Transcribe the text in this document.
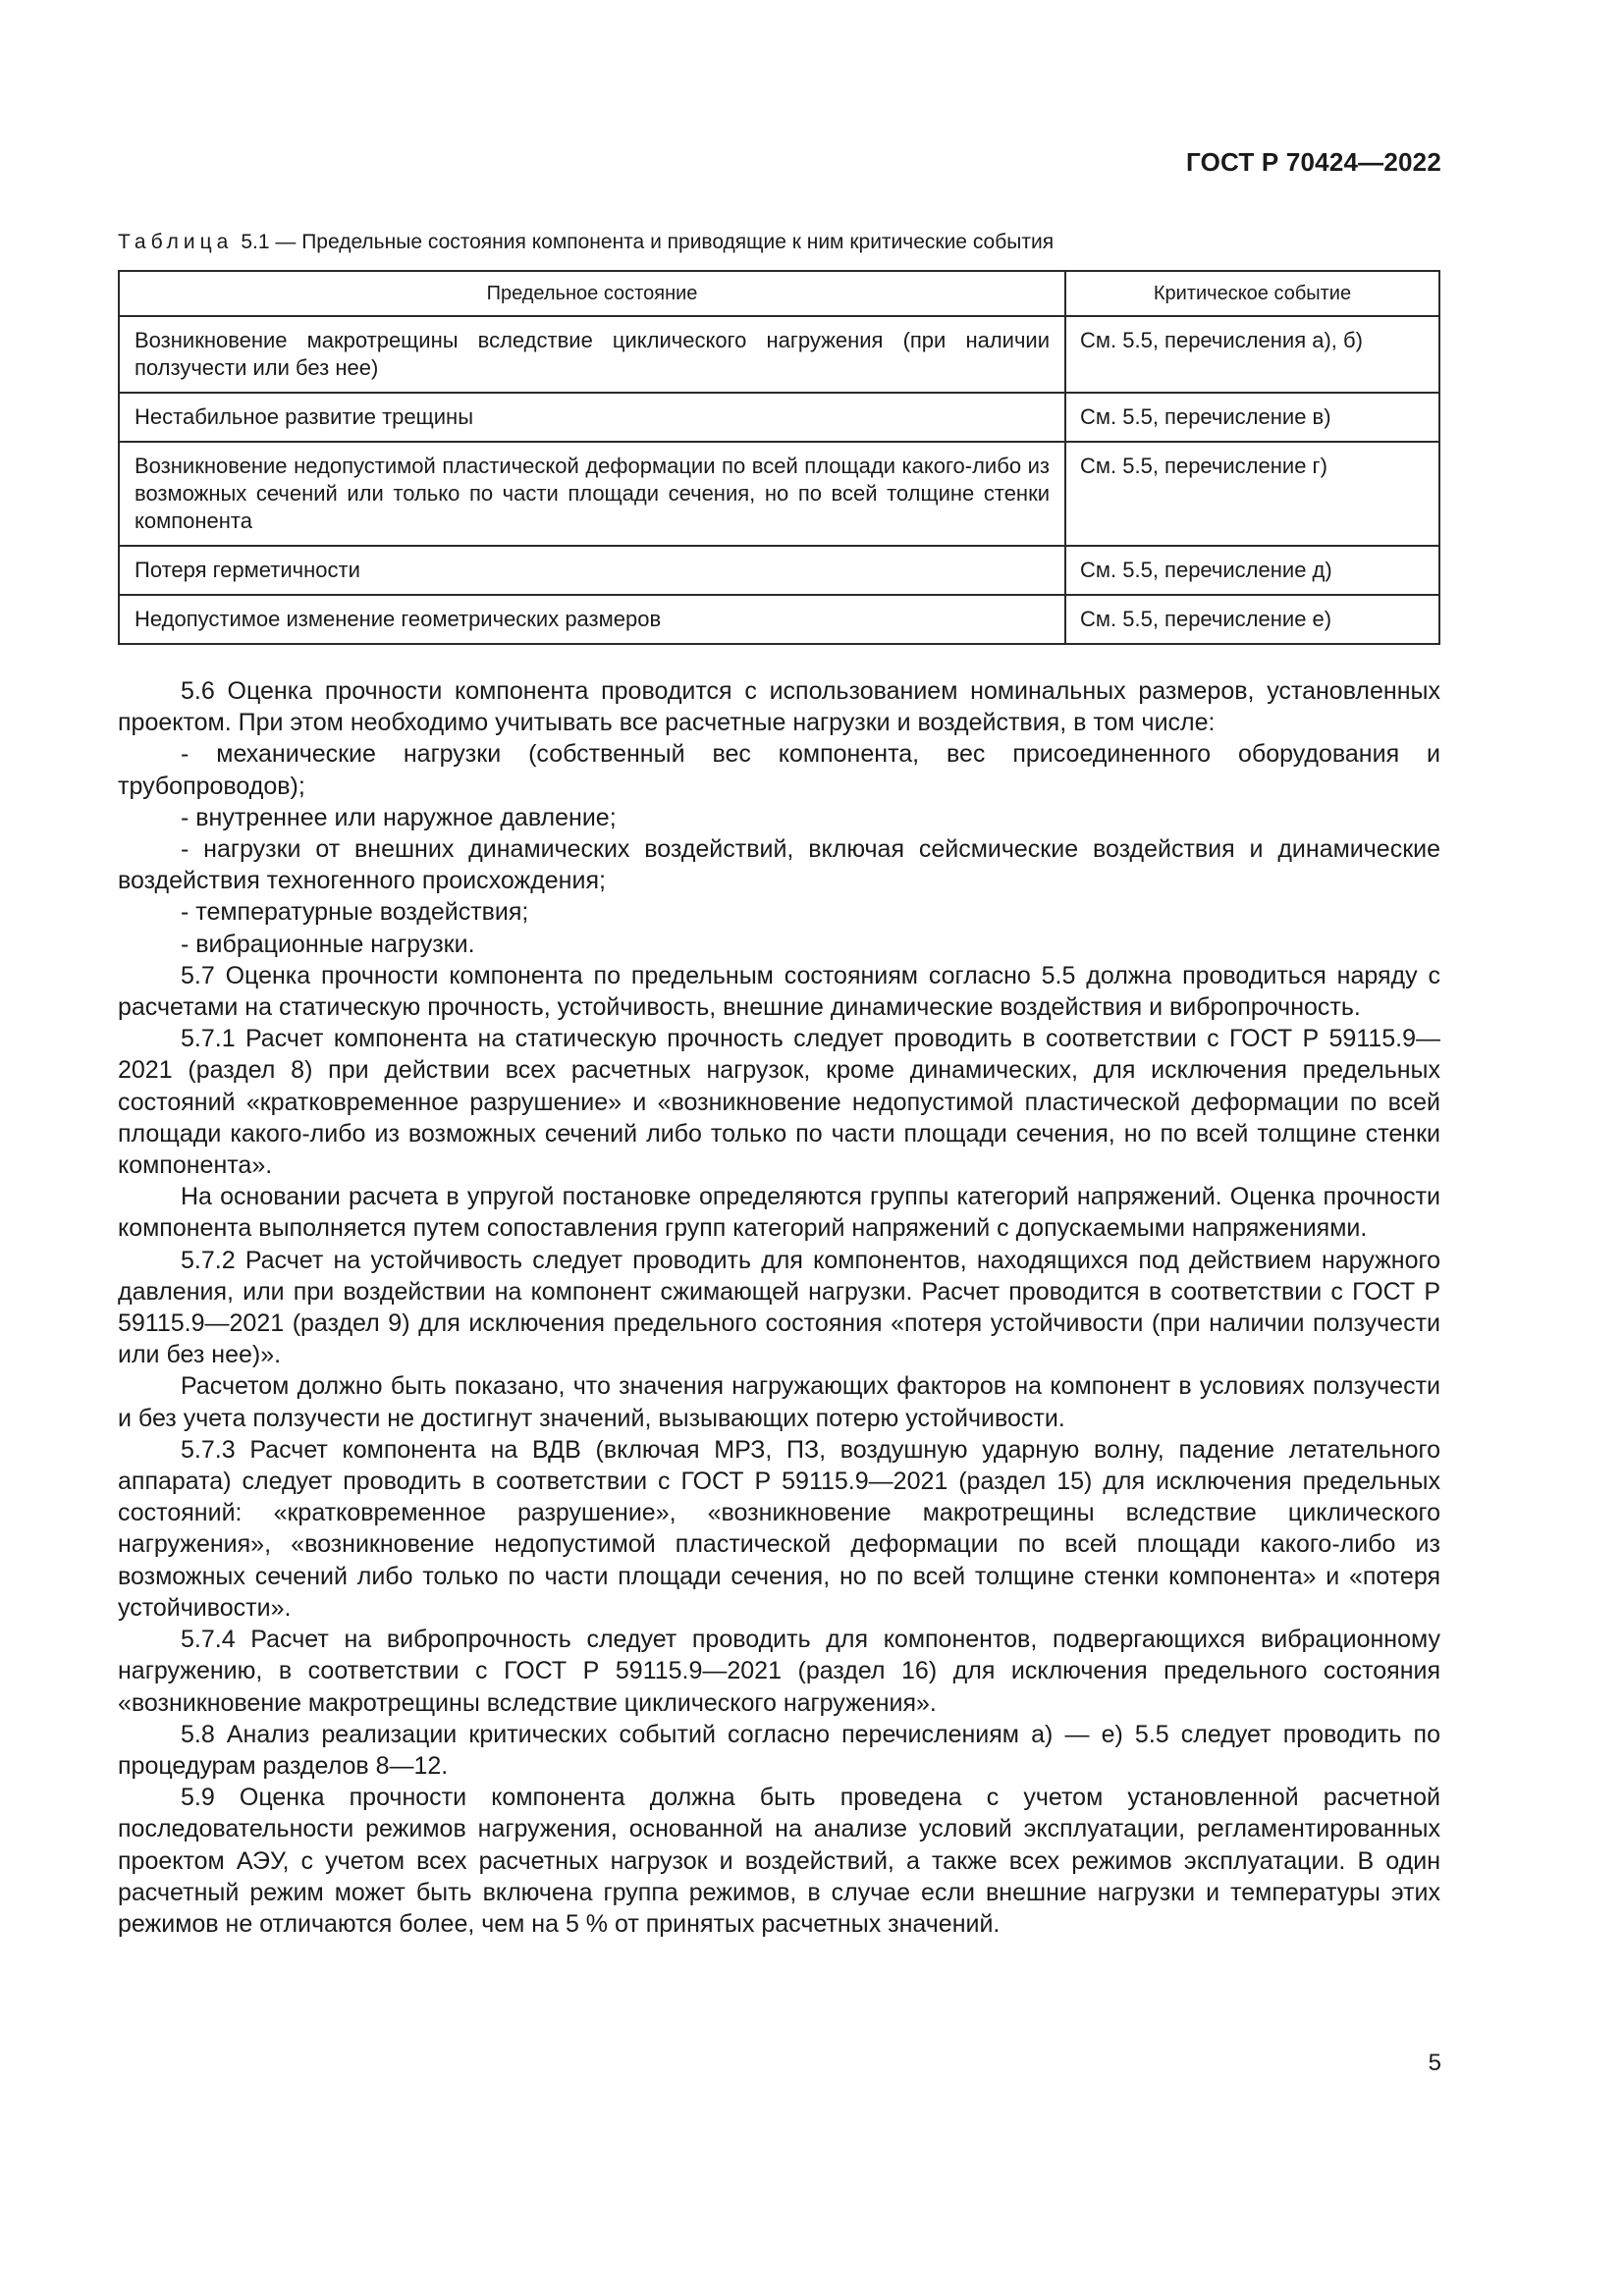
ГОСТ Р 70424—2022
Таблица 5.1 — Предельные состояния компонента и приводящие к ним критические события
Предельное состояние	Критическое событие
Возникновение макротрещины вследствие циклического нагружения (при наличии ползучести или без нее)	См. 5.5, перечисления а), б)
Нестабильное развитие трещины	См. 5.5, перечисление в)
Возникновение недопустимой пластической деформации по всей площади какого-либо из возможных сечений или только по части площади сечения, но по всей толщине стенки компонента	См. 5.5, перечисление г)
Потеря герметичности	См. 5.5, перечисление д)
Недопустимое изменение геометрических размеров	См. 5.5, перечисление е)

5.6 Оценка прочности компонента проводится с использованием номинальных размеров, установленных проектом. При этом необходимо учитывать все расчетные нагрузки и воздействия, в том числе:

- механические нагрузки (собственный вес компонента, вес присоединенного оборудования и трубопроводов);

- внутреннее или наружное давление;

- нагрузки от внешних динамических воздействий, включая сейсмические воздействия и динамические воздействия техногенного происхождения;

- температурные воздействия;

- вибрационные нагрузки.

5.7 Оценка прочности компонента по предельным состояниям согласно 5.5 должна проводиться наряду с расчетами на статическую прочность, устойчивость, внешние динамические воздействия и вибропрочность.

5.7.1 Расчет компонента на статическую прочность следует проводить в соответствии с ГОСТ Р 59115.9—2021 (раздел 8) при действии всех расчетных нагрузок, кроме динамических, для исключения предельных состояний «кратковременное разрушение» и «возникновение недопустимой пластической деформации по всей площади какого-либо из возможных сечений либо только по части площади сечения, но по всей толщине стенки компонента».

На основании расчета в упругой постановке определяются группы категорий напряжений. Оценка прочности компонента выполняется путем сопоставления групп категорий напряжений с допускаемыми напряжениями.

5.7.2 Расчет на устойчивость следует проводить для компонентов, находящихся под действием наружного давления, или при воздействии на компонент сжимающей нагрузки. Расчет проводится в соответствии с ГОСТ Р 59115.9—2021 (раздел 9) для исключения предельного состояния «потеря устойчивости (при наличии ползучести или без нее)».

Расчетом должно быть показано, что значения нагружающих факторов на компонент в условиях ползучести и без учета ползучести не достигнут значений, вызывающих потерю устойчивости.

5.7.3 Расчет компонента на ВДВ (включая МРЗ, ПЗ, воздушную ударную волну, падение летательного аппарата) следует проводить в соответствии с ГОСТ Р 59115.9—2021 (раздел 15) для исключения предельных состояний: «кратковременное разрушение», «возникновение макротрещины вследствие циклического нагружения», «возникновение недопустимой пластической деформации по всей площади какого-либо из возможных сечений либо только по части площади сечения, но по всей толщине стенки компонента» и «потеря устойчивости».

5.7.4 Расчет на вибропрочность следует проводить для компонентов, подвергающихся вибрационному нагружению, в соответствии с ГОСТ Р 59115.9—2021 (раздел 16) для исключения предельного состояния «возникновение макротрещины вследствие циклического нагружения».

5.8 Анализ реализации критических событий согласно перечислениям а) — е) 5.5 следует проводить по процедурам разделов 8—12.

5.9 Оценка прочности компонента должна быть проведена с учетом установленной расчетной последовательности режимов нагружения, основанной на анализе условий эксплуатации, регламентированных проектом АЭУ, с учетом всех расчетных нагрузок и воздействий, а также всех режимов эксплуатации. В один расчетный режим может быть включена группа режимов, в случае если внешние нагрузки и температуры этих режимов не отличаются более, чем на 5 % от принятых расчетных значений.

5
